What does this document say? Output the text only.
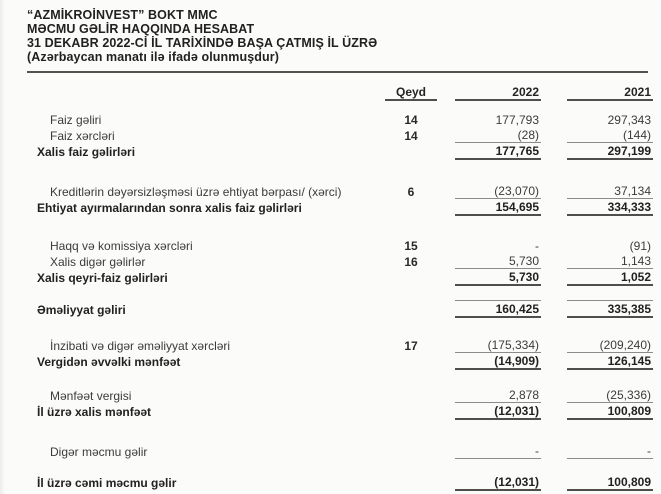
“AZMİKROİNVEST” BOKT MMC
MƏCMU GƏLİR HAQQINDA HESABAT
31 DEKABR 2022-Cİ İL TARİXİNDƏ BAŞA ÇATMIŞ İL ÜZRƏ
(Azərbaycan manatı ilə ifadə olunmuşdur)
	Qeyd		2022		2021

Faiz gəliri	14		177,793		297,343
Faiz xərcləri	14		(28)		(144)
Xalis faiz gəlirləri			177,765		297,199

Kreditlərin dəyərsizləşməsi üzrə ehtiyat bərpası/ (xərci)	6		(23,070)		37,134
Ehtiyat ayırmalarından sonra xalis faiz gəlirləri			154,695		334,333

Haqq və komissiya xərcləri	15		-		(91)
Xalis digər gəlirlər	16		5,730		1,143
Xalis qeyri-faiz gəlirləri			5,730		1,052

Əməliyyat gəliri			160,425		335,385

İnzibati və digər əməliyyat xərcləri	17		(175,334)		(209,240)
Vergidən əvvəlki mənfəət			(14,909)		126,145

Mənfəət vergisi			2,878		(25,336)
İl üzrə xalis mənfəət			(12,031)		100,809

Digər məcmu gəlir			-		-

İl üzrə cəmi məcmu gəlir			(12,031)		100,809
